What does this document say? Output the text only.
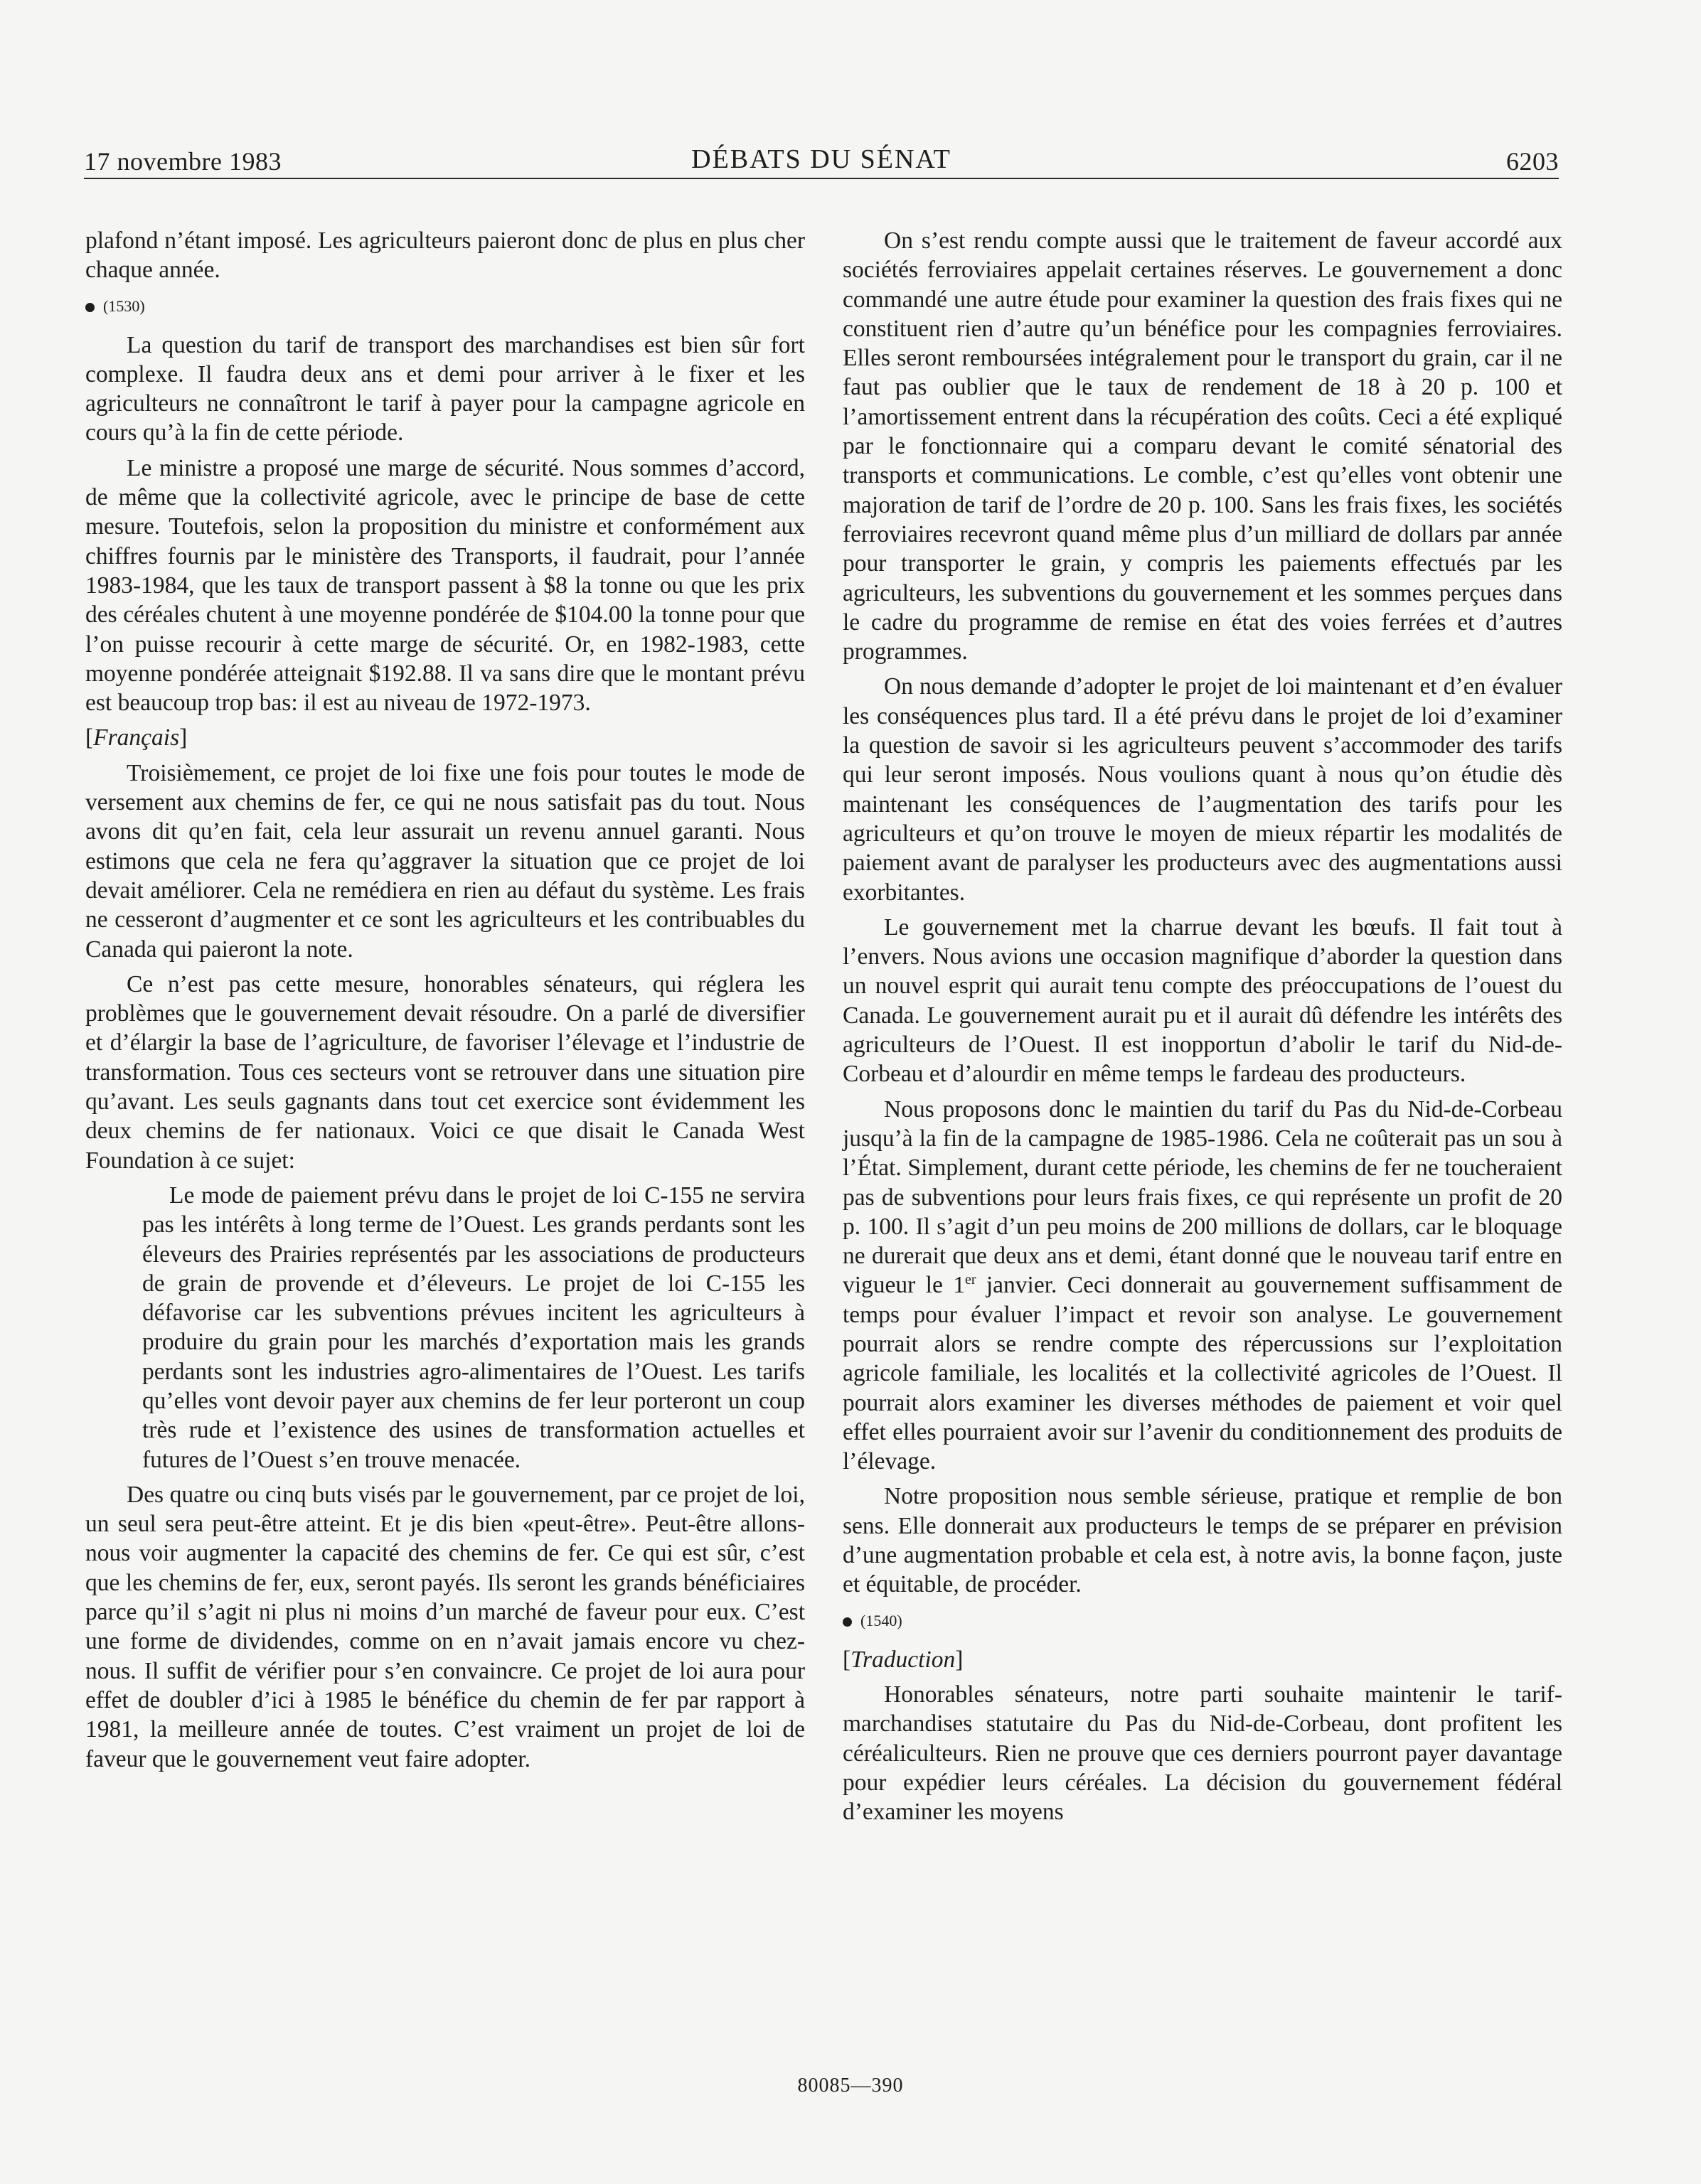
17 novembre 1983	DÉBATS DU SÉNAT	6203

plafond n’étant imposé. Les agriculteurs paieront donc de plus en plus cher chaque année.

(1530)

La question du tarif de transport des marchandises est bien sûr fort complexe. Il faudra deux ans et demi pour arriver à le fixer et les agriculteurs ne connaîtront le tarif à payer pour la campagne agricole en cours qu’à la fin de cette période.

Le ministre a proposé une marge de sécurité. Nous sommes d’accord, de même que la collectivité agricole, avec le principe de base de cette mesure. Toutefois, selon la proposition du ministre et conformément aux chiffres fournis par le ministère des Transports, il faudrait, pour l’année 1983-1984, que les taux de transport passent à $8 la tonne ou que les prix des céréales chutent à une moyenne pondérée de $104.00 la tonne pour que l’on puisse recourir à cette marge de sécurité. Or, en 1982-1983, cette moyenne pondérée atteignait $192.88. Il va sans dire que le montant prévu est beaucoup trop bas: il est au niveau de 1972-1973.

[Français]

Troisièmement, ce projet de loi fixe une fois pour toutes le mode de versement aux chemins de fer, ce qui ne nous satisfait pas du tout. Nous avons dit qu’en fait, cela leur assurait un revenu annuel garanti. Nous estimons que cela ne fera qu’aggraver la situation que ce projet de loi devait améliorer. Cela ne remédiera en rien au défaut du système. Les frais ne cesseront d’augmenter et ce sont les agriculteurs et les contribuables du Canada qui paieront la note.

Ce n’est pas cette mesure, honorables sénateurs, qui réglera les problèmes que le gouvernement devait résoudre. On a parlé de diversifier et d’élargir la base de l’agriculture, de favoriser l’élevage et l’industrie de transformation. Tous ces secteurs vont se retrouver dans une situation pire qu’avant. Les seuls gagnants dans tout cet exercice sont évidemment les deux chemins de fer nationaux. Voici ce que disait le Canada West Foundation à ce sujet:

Le mode de paiement prévu dans le projet de loi C-155 ne servira pas les intérêts à long terme de l’Ouest. Les grands perdants sont les éleveurs des Prairies représentés par les associations de producteurs de grain de provende et d’éleveurs. Le projet de loi C-155 les défavorise car les subventions prévues incitent les agriculteurs à produire du grain pour les marchés d’exportation mais les grands perdants sont les industries agro-alimentaires de l’Ouest. Les tarifs qu’elles vont devoir payer aux chemins de fer leur porteront un coup très rude et l’existence des usines de transformation actuelles et futures de l’Ouest s’en trouve menacée.

Des quatre ou cinq buts visés par le gouvernement, par ce projet de loi, un seul sera peut-être atteint. Et je dis bien «peut-être». Peut-être allons-nous voir augmenter la capacité des chemins de fer. Ce qui est sûr, c’est que les chemins de fer, eux, seront payés. Ils seront les grands bénéficiaires parce qu’il s’agit ni plus ni moins d’un marché de faveur pour eux. C’est une forme de dividendes, comme on en n’avait jamais encore vu chez-nous. Il suffit de vérifier pour s’en convaincre. Ce projet de loi aura pour effet de doubler d’ici à 1985 le bénéfice du chemin de fer par rapport à 1981, la meilleure année de toutes. C’est vraiment un projet de loi de faveur que le gouvernement veut faire adopter.

On s’est rendu compte aussi que le traitement de faveur accordé aux sociétés ferroviaires appelait certaines réserves. Le gouvernement a donc commandé une autre étude pour examiner la question des frais fixes qui ne constituent rien d’autre qu’un bénéfice pour les compagnies ferroviaires. Elles seront remboursées intégralement pour le transport du grain, car il ne faut pas oublier que le taux de rendement de 18 à 20 p. 100 et l’amortissement entrent dans la récupération des coûts. Ceci a été expliqué par le fonctionnaire qui a comparu devant le comité sénatorial des transports et communications. Le comble, c’est qu’elles vont obtenir une majoration de tarif de l’ordre de 20 p. 100. Sans les frais fixes, les sociétés ferroviaires recevront quand même plus d’un milliard de dollars par année pour transporter le grain, y compris les paiements effectués par les agriculteurs, les subventions du gouvernement et les sommes perçues dans le cadre du programme de remise en état des voies ferrées et d’autres programmes.

On nous demande d’adopter le projet de loi maintenant et d’en évaluer les conséquences plus tard. Il a été prévu dans le projet de loi d’examiner la question de savoir si les agriculteurs peuvent s’accommoder des tarifs qui leur seront imposés. Nous voulions quant à nous qu’on étudie dès maintenant les conséquences de l’augmentation des tarifs pour les agriculteurs et qu’on trouve le moyen de mieux répartir les modalités de paiement avant de paralyser les producteurs avec des augmentations aussi exorbitantes.

Le gouvernement met la charrue devant les bœufs. Il fait tout à l’envers. Nous avions une occasion magnifique d’aborder la question dans un nouvel esprit qui aurait tenu compte des préoccupations de l’ouest du Canada. Le gouvernement aurait pu et il aurait dû défendre les intérêts des agriculteurs de l’Ouest. Il est inopportun d’abolir le tarif du Nid-de-Corbeau et d’alourdir en même temps le fardeau des producteurs.

Nous proposons donc le maintien du tarif du Pas du Nid-de-Corbeau jusqu’à la fin de la campagne de 1985-1986. Cela ne coûterait pas un sou à l’État. Simplement, durant cette période, les chemins de fer ne toucheraient pas de subventions pour leurs frais fixes, ce qui représente un profit de 20 p. 100. Il s’agit d’un peu moins de 200 millions de dollars, car le bloquage ne durerait que deux ans et demi, étant donné que le nouveau tarif entre en vigueur le 1er janvier. Ceci donnerait au gouvernement suffisamment de temps pour évaluer l’impact et revoir son analyse. Le gouvernement pourrait alors se rendre compte des répercussions sur l’exploitation agricole familiale, les localités et la collectivité agricoles de l’Ouest. Il pourrait alors examiner les diverses méthodes de paiement et voir quel effet elles pourraient avoir sur l’avenir du conditionnement des produits de l’élevage.

Notre proposition nous semble sérieuse, pratique et remplie de bon sens. Elle donnerait aux producteurs le temps de se préparer en prévision d’une augmentation probable et cela est, à notre avis, la bonne façon, juste et équitable, de procéder.

(1540)
[Traduction]

Honorables sénateurs, notre parti souhaite maintenir le tarif-marchandises statutaire du Pas du Nid-de-Corbeau, dont profitent les céréaliculteurs. Rien ne prouve que ces derniers pourront payer davantage pour expédier leurs céréales. La décision du gouvernement fédéral d’examiner les moyens

80085—390
